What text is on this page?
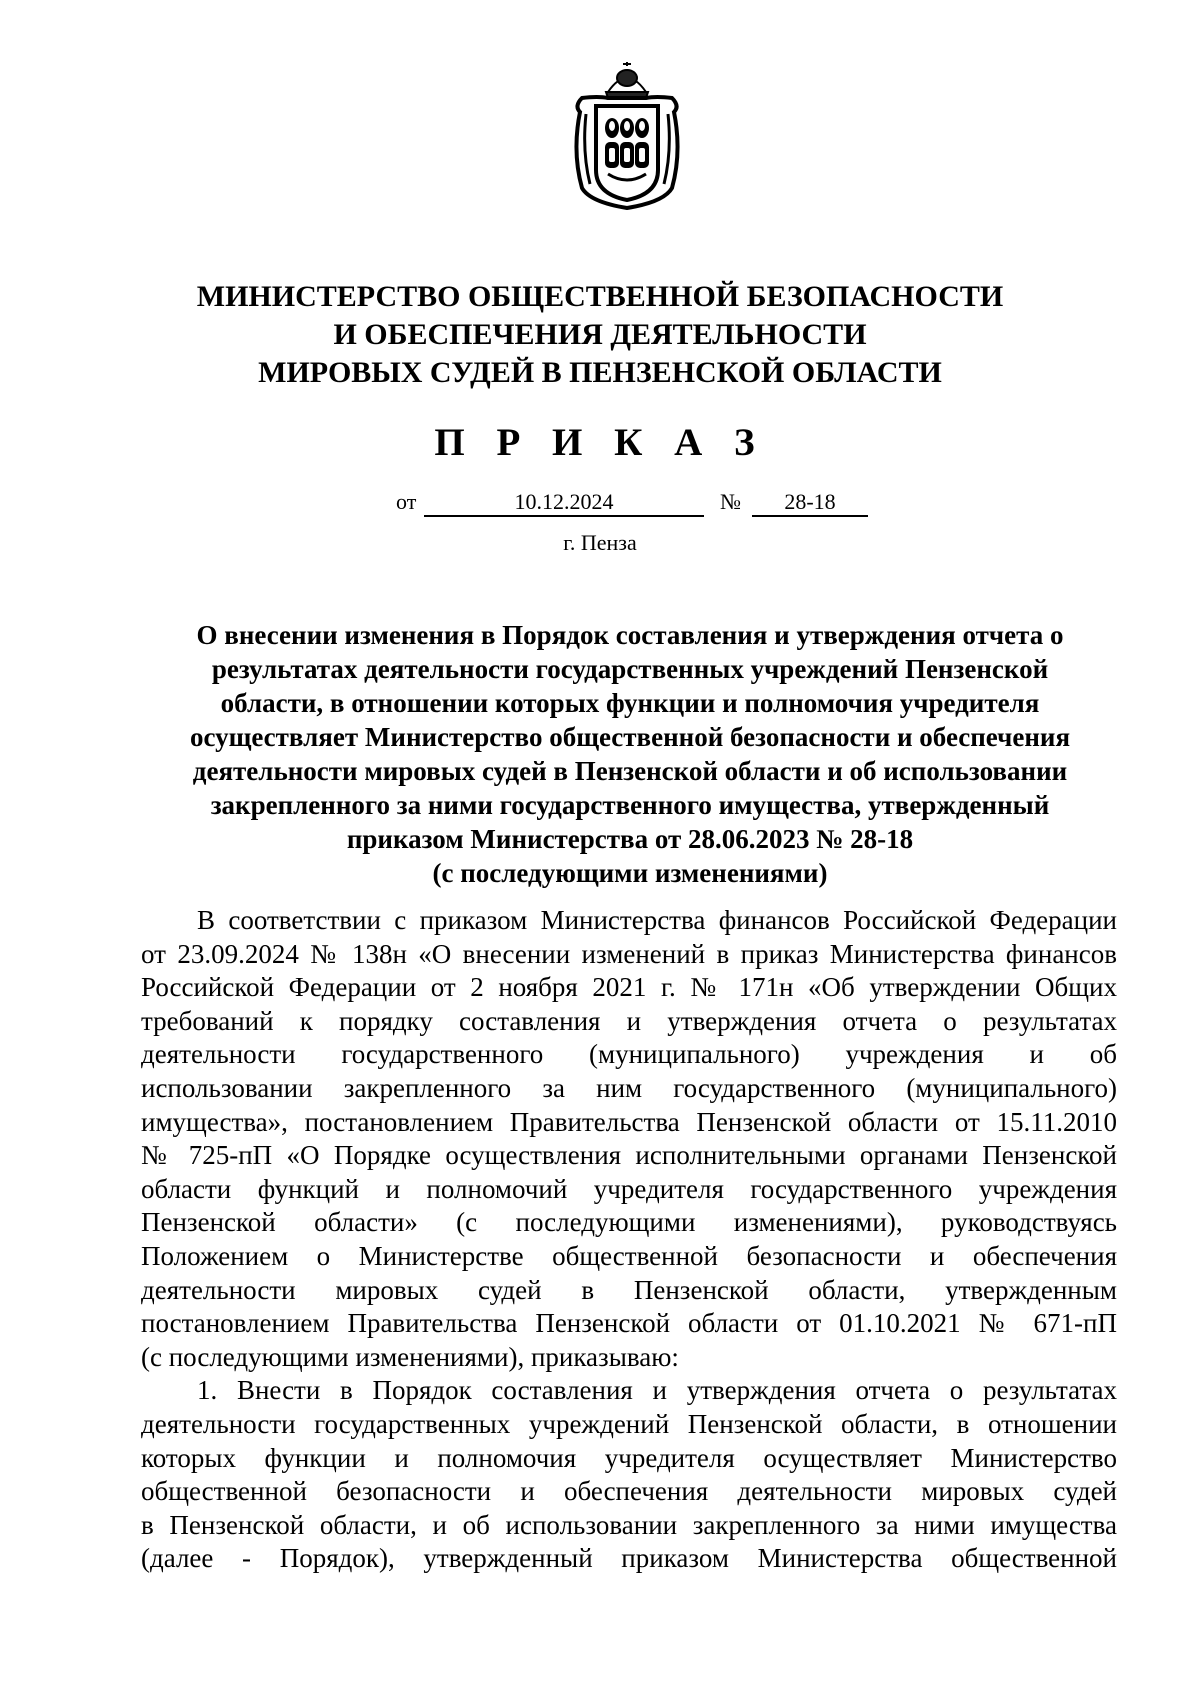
МИНИСТЕРСТВО ОБЩЕСТВЕННОЙ БЕЗОПАСНОСТИ
И ОБЕСПЕЧЕНИЯ ДЕЯТЕЛЬНОСТИ
МИРОВЫХ СУДЕЙ В ПЕНЗЕНСКОЙ ОБЛАСТИ
П Р И К А З
от	10.12.2024	№	28-18
г. Пенза
О внесении изменения в Порядок составления и утверждения отчета о
результатах деятельности государственных учреждений Пензенской
области, в отношении которых функции и полномочия учредителя
осуществляет Министерство общественной безопасности и обеспечения
деятельности мировых судей в Пензенской области и об использовании
закрепленного за ними государственного имущества, утвержденный
приказом Министерства от 28.06.2023 № 28-18
(с последующими изменениями)
В соответствии с приказом Министерства финансов Российской Федерации
от 23.09.2024 № 138н «О внесении изменений в приказ Министерства финансов
Российской Федерации от 2 ноября 2021 г. № 171н «Об утверждении Общих
требований к порядку составления и утверждения отчета о результатах
деятельности государственного (муниципального) учреждения и об
использовании закрепленного за ним государственного (муниципального)
имущества», постановлением Правительства Пензенской области от 15.11.2010
№ 725-пП «О Порядке осуществления исполнительными органами Пензенской
области функций и полномочий учредителя государственного учреждения
Пензенской области» (с последующими изменениями), руководствуясь
Положением о Министерстве общественной безопасности и обеспечения
деятельности мировых судей в Пензенской области, утвержденным
постановлением Правительства Пензенской области от 01.10.2021 № 671-пП
(с последующими изменениями), приказываю:
1. Внести в Порядок составления и утверждения отчета о результатах
деятельности государственных учреждений Пензенской области, в отношении
которых функции и полномочия учредителя осуществляет Министерство
общественной безопасности и обеспечения деятельности мировых судей
в Пензенской области, и об использовании закрепленного за ними имущества
(далее - Порядок), утвержденный приказом Министерства общественной
